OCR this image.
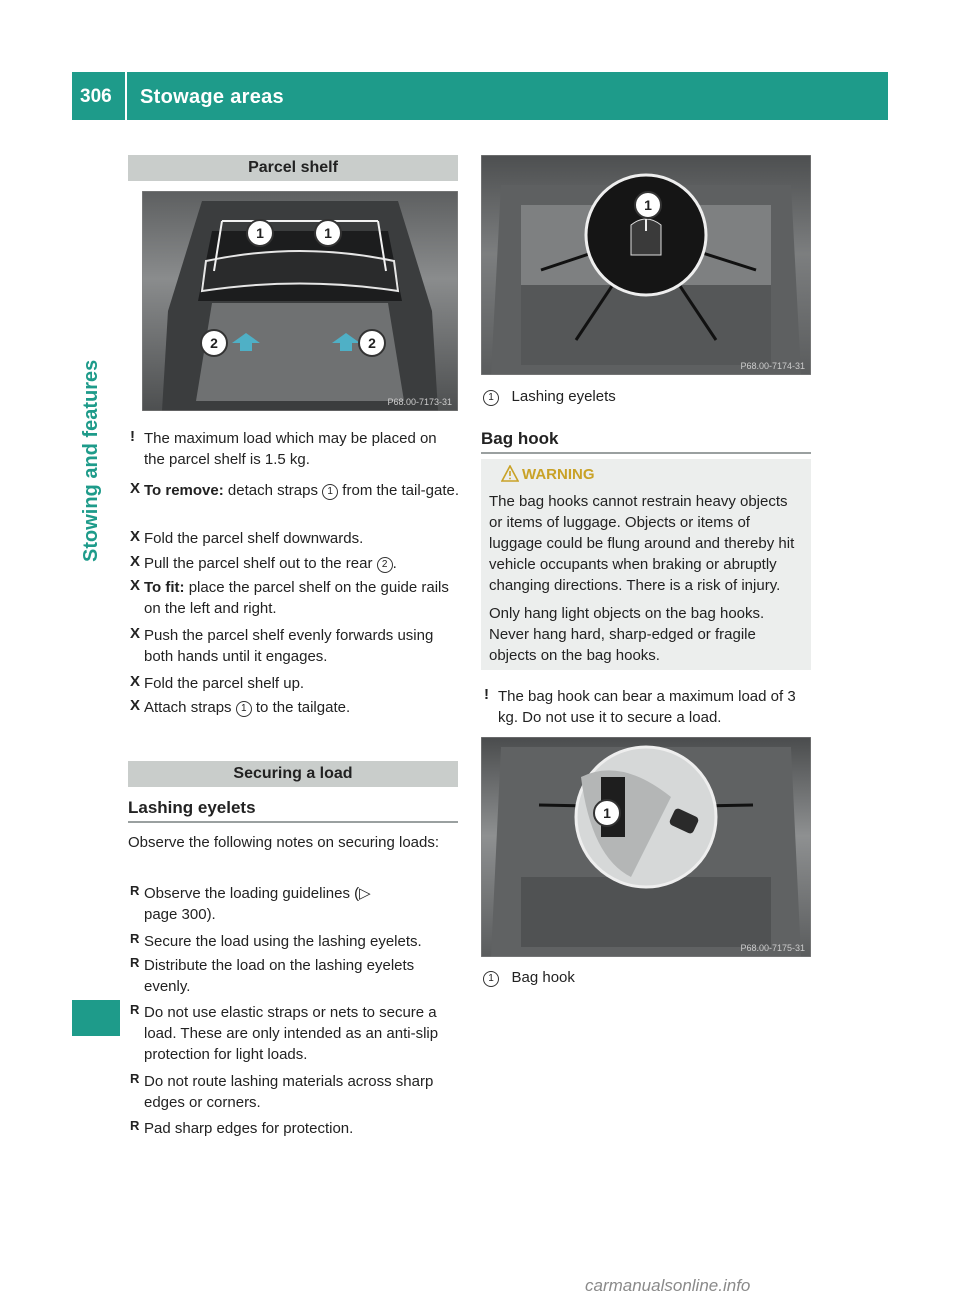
306	Stowage areas
Stowing and features
Parcel shelf
1	1
2	2
P68.00-7173-31
! The maximum load which may be placed on the parcel shelf is 1.5 kg.
X To remove: detach straps 1 from the tail-gate.
X Fold the parcel shelf downwards.
X Pull the parcel shelf out to the rear 2 .
X To fit: place the parcel shelf on the guide rails on the left and right.
X Push the parcel shelf evenly forwards using both hands until it engages.
X Fold the parcel shelf up.
X Attach straps 1 to the tailgate.
Securing a load
Lashing eyelets
Observe the following notes on securing loads:
R Observe the loading guidelines (▷ page 300).
R Secure the load using the lashing eyelets.
R Distribute the load on the lashing eyelets evenly.
R Do not use elastic straps or nets to secure a load. These are only intended as an anti-slip protection for light loads.
R Do not route lashing materials across sharp edges or corners.
R Pad sharp edges for protection.
1
P68.00-7174-31
1 Lashing eyelets
Bag hook
WARNING
The bag hooks cannot restrain heavy objects or items of luggage. Objects or items of luggage could be flung around and thereby hit vehicle occupants when braking or abruptly changing directions. There is a risk of injury.
Only hang light objects on the bag hooks. Never hang hard, sharp-edged or fragile objects on the bag hooks.
! The bag hook can bear a maximum load of 3 kg. Do not use it to secure a load.
1
P68.00-7175-31
1 Bag hook
carmanualsonline.info
